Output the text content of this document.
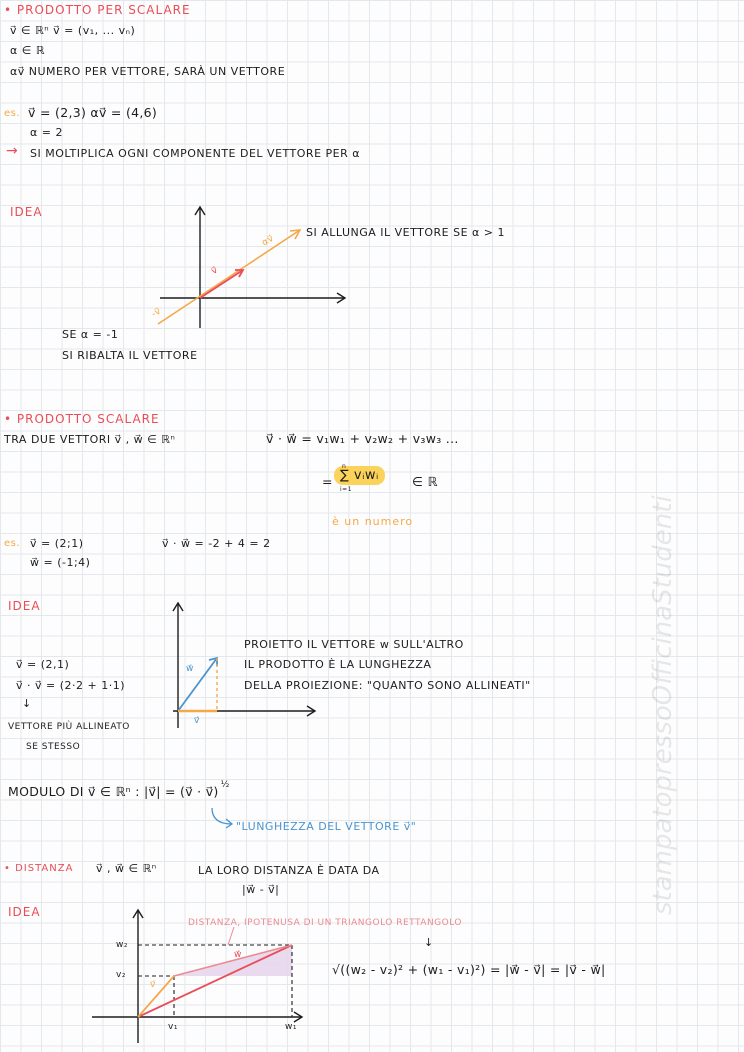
• PRODOTTO PER SCALARE
v⃗ ∈ ℝⁿ v⃗ = (v₁, ... vₙ)
α ∈ ℝ
αv⃗ NUMERO PER VETTORE, SARÀ UN VETTORE
es. v⃗ = (2,3) αv⃗ = (4,6)
α = 2
→ SI MOLTIPLICA OGNI COMPONENTE DEL VETTORE PER α
IDEA
αv⃗
v⃗
-v⃗
SI ALLUNGA IL VETTORE SE α > 1
SE α = -1
SI RIBALTA IL VETTORE
• PRODOTTO SCALARE
TRA DUE VETTORI v⃗ , w⃗ ∈ ℝⁿ	v⃗ · w⃗ = v₁w₁ + v₂w₂ + v₃w₃ ...
= ∑ vᵢwᵢ
i=1
n
∈ ℝ
è un numero
es. v⃗ = (2;1)
w⃗ = (-1;4)
v⃗ · w⃗ = -2 + 4 = 2
IDEA
w⃗
v⃗
v⃗ = (2,1)
v⃗ · v⃗ = (2·2 + 1·1)
↓
VETTORE PIÙ ALLINEATO
SE STESSO
PROIETTO IL VETTORE w SULL'ALTRO
IL PRODOTTO È LA LUNGHEZZA
DELLA PROIEZIONE: "QUANTO SONO ALLINEATI"
MODULO DI v⃗ ∈ ℝⁿ : |v⃗| = (v⃗ · v⃗) $^{\frac{1}{2}}$
"LUNGHEZZA DEL VETTORE v⃗"
• DISTANZA v⃗ , w⃗ ∈ ℝⁿ	LA LORO DISTANZA È DATA DA
|w⃗ - v⃗|
IDEA
w₂
v₂
v₁	w₁
w⃗
v⃗
DISTANZA, IPOTENUSA DI UN TRIANGOLO RETTANGOLO
↓
√((w₂ - v₂)² + (w₁ - v₁)²) = |w⃗ - v⃗| = |v⃗ - w⃗|
stampatopressoOfficinaStudenti
